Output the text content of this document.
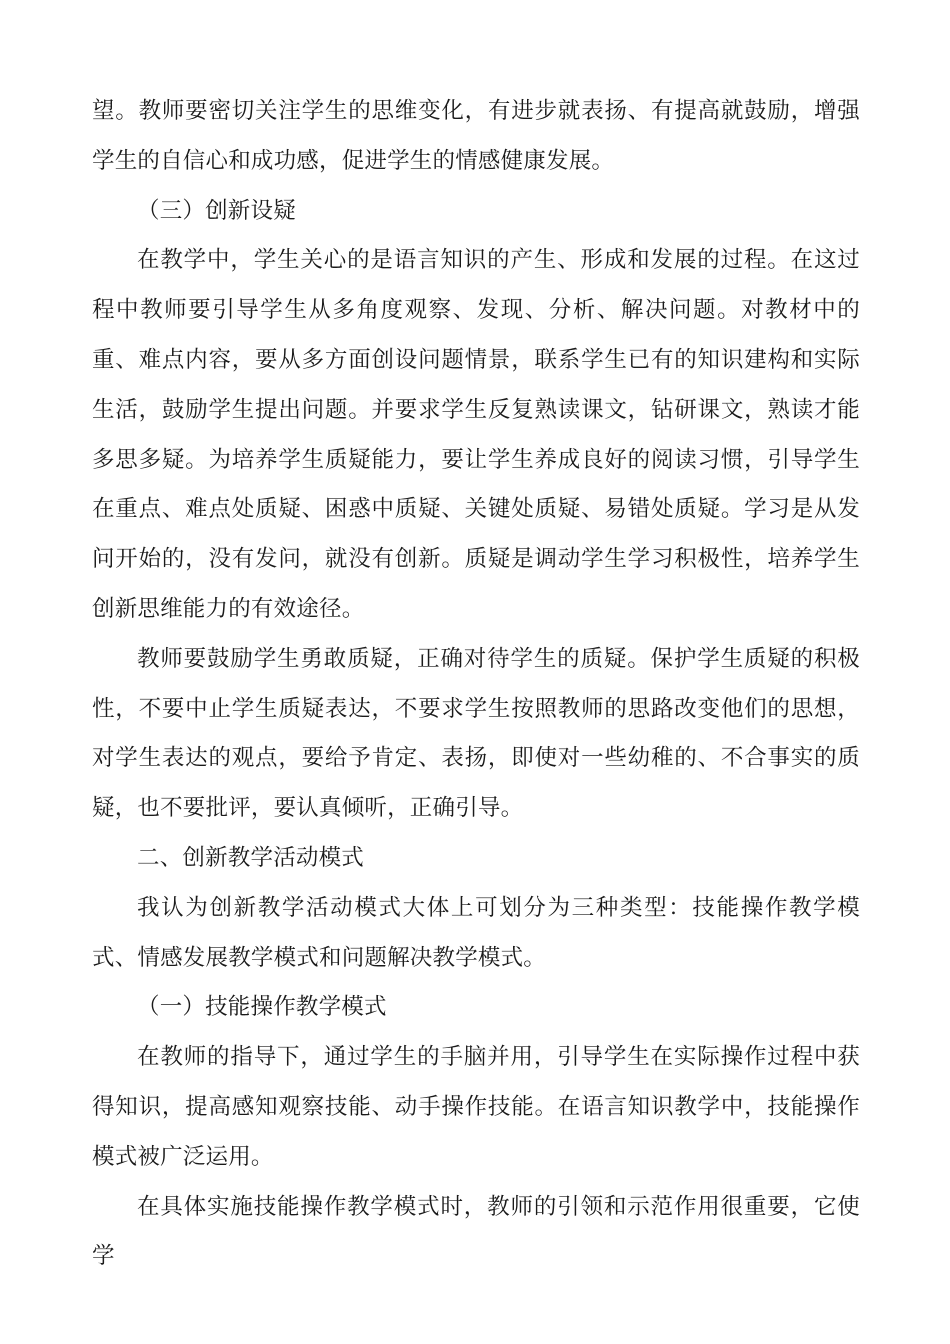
望。教师要密切关注学生的思维变化，有进步就表扬、有提高就鼓励，增强学生的自信心和成功感，促进学生的情感健康发展。

（三）创新设疑

在教学中，学生关心的是语言知识的产生、形成和发展的过程。在这过程中教师要引导学生从多角度观察、发现、分析、解决问题。对教材中的重、难点内容，要从多方面创设问题情景，联系学生已有的知识建构和实际生活，鼓励学生提出问题。并要求学生反复熟读课文，钻研课文，熟读才能多思多疑。为培养学生质疑能力，要让学生养成良好的阅读习惯，引导学生在重点、难点处质疑、困惑中质疑、关键处质疑、易错处质疑。学习是从发问开始的，没有发问，就没有创新。质疑是调动学生学习积极性，培养学生创新思维能力的有效途径。

教师要鼓励学生勇敢质疑，正确对待学生的质疑。保护学生质疑的积极性，不要中止学生质疑表达，不要求学生按照教师的思路改变他们的思想，对学生表达的观点，要给予肯定、表扬，即使对一些幼稚的、不合事实的质疑，也不要批评，要认真倾听，正确引导。

二、创新教学活动模式

我认为创新教学活动模式大体上可划分为三种类型：技能操作教学模式、情感发展教学模式和问题解决教学模式。

（一）技能操作教学模式

在教师的指导下，通过学生的手脑并用，引导学生在实际操作过程中获得知识，提高感知观察技能、动手操作技能。在语言知识教学中，技能操作模式被广泛运用。

在具体实施技能操作教学模式时，教师的引领和示范作用很重要，它使学
